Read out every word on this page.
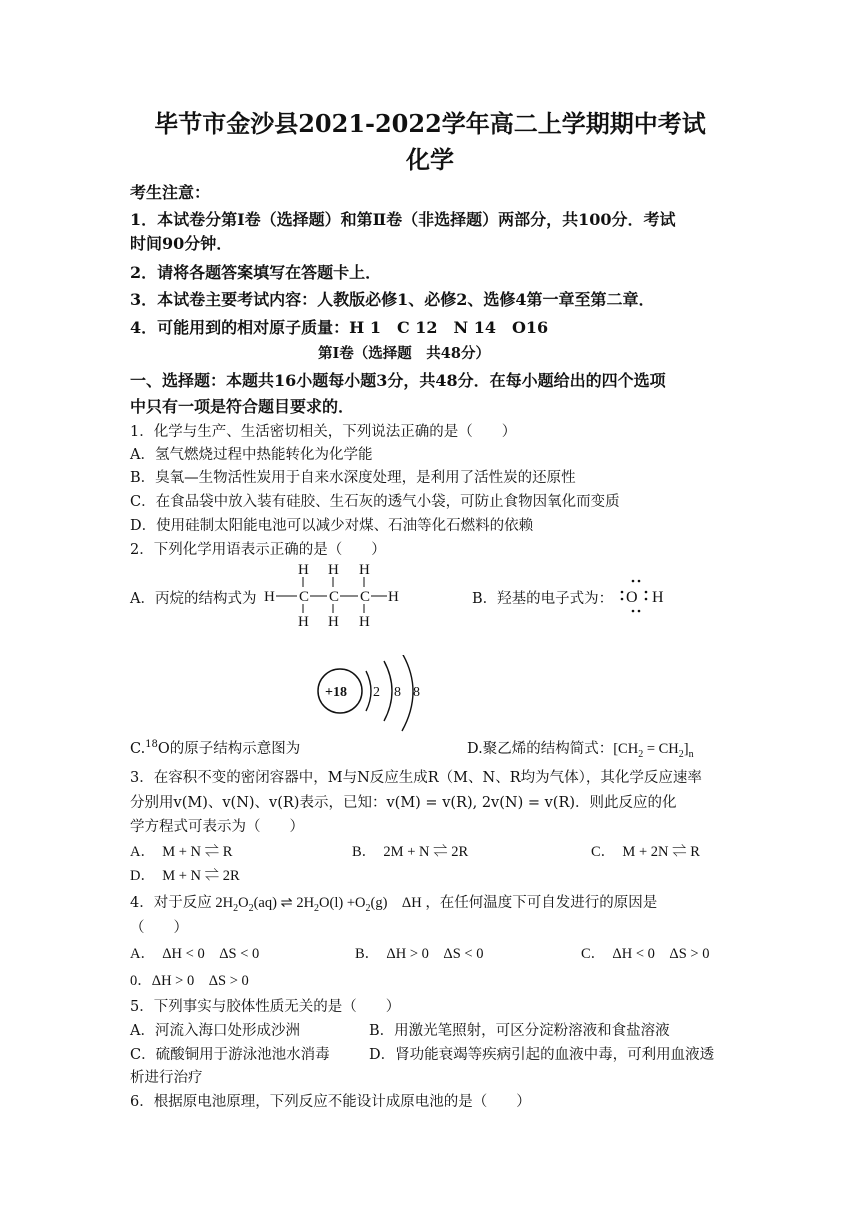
毕节市金沙县2021-2022学年高二上学期期中考试
化学
考生注意：
1．本试卷分第Ⅰ卷（选择题）和第Ⅱ卷（非选择题）两部分，共100分．考试
时间90分钟．
2．请将各题答案填写在答题卡上．
3．本试卷主要考试内容：人教版必修1、必修2、选修4第一章至第二章．
4．可能用到的相对原子质量：H 1　C 12　N 14　O16
第Ⅰ卷（选择题　共48分）
一、选择题：本题共16小题每小题3分，共48分．在每小题给出的四个选项
中只有一项是符合题目要求的．
1．化学与生产、生活密切相关，下列说法正确的是（　　）
A．氢气燃烧过程中热能转化为化学能
B．臭氧—生物活性炭用于自来水深度处理，是利用了活性炭的还原性
C．在食品袋中放入装有硅胶、生石灰的透气小袋，可防止食物因氧化而变质
D．使用硅制太阳能电池可以减少对煤、石油等化石燃料的依赖
2．下列化学用语表示正确的是（　　）
A．丙烷的结构式为
H H H
H C C C H
H H H
B．羟基的电子式为： O H
+18 2 8 8
C.$^{18}$O的原子结构示意图为	D.聚乙烯的结构简式：$[CH_2 = CH_2]_n$
3．在容积不变的密闭容器中，M与N反应生成R（M、N、R均为气体），其化学反应速率
分别用v(M)、v(N)、v(R)表示，已知：v(M) = v(R), 2v(N) = v(R)．则此反应的化
学方程式可表示为（　　）
A．　M + N ⇌ R	B．　2M + N ⇌ 2R	C．　M + 2N ⇌ R
D．　M + N ⇌ 2R
4．对于反应 $2H_2O_2(aq)$ ⇌ $2H_2O(l) +O_2(g)$　ΔH ，在任何温度下可自发进行的原因是
（　　）
A．　ΔH < 0　ΔS < 0	B．　ΔH > 0　ΔS < 0	C．　ΔH < 0　ΔS > 0
0．ΔH > 0　ΔS > 0
5．下列事实与胶体性质无关的是（　　）
A．河流入海口处形成沙洲	B．用激光笔照射，可区分淀粉溶液和食盐溶液
C．硫酸铜用于游泳池池水消毒	D．肾功能衰竭等疾病引起的血液中毒，可利用血液透
析进行治疗
6．根据原电池原理，下列反应不能设计成原电池的是（　　）
